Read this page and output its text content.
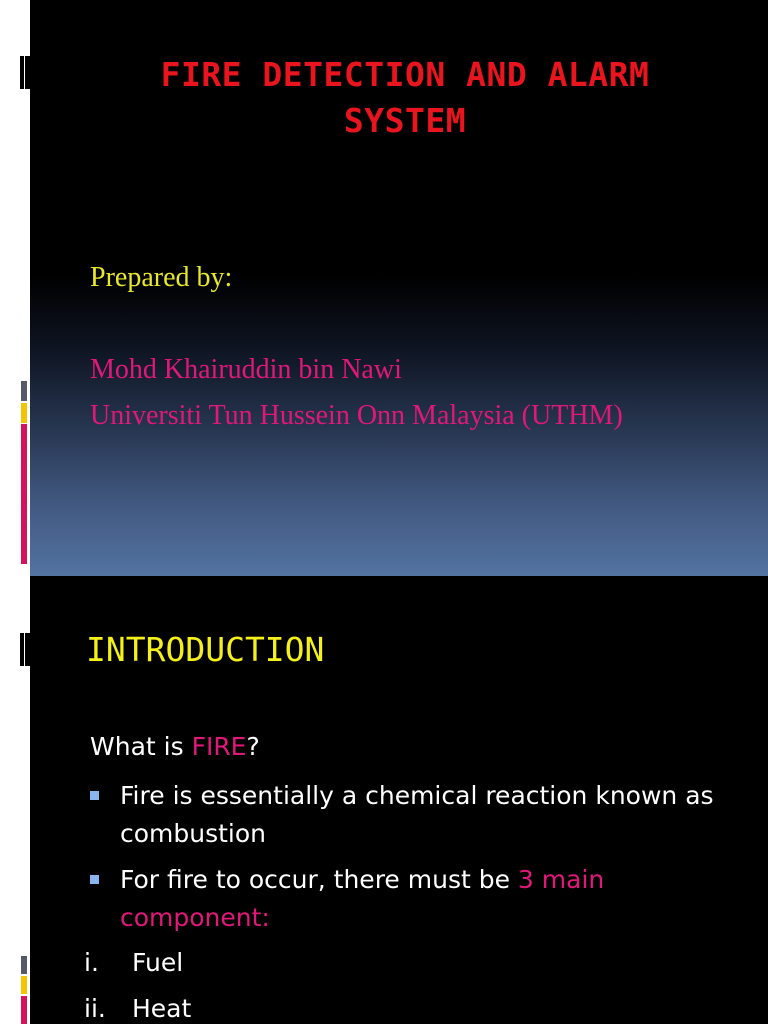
FIRE DETECTION AND ALARM
SYSTEM
Prepared by:
Mohd Khairuddin bin Nawi
Universiti Tun Hussein Onn Malaysia (UTHM)
INTRODUCTION
What is FIRE?
Fire is essentially a chemical reaction known as combustion
For fire to occur, there must be 3 main component:
i. Fuel
ii. Heat
